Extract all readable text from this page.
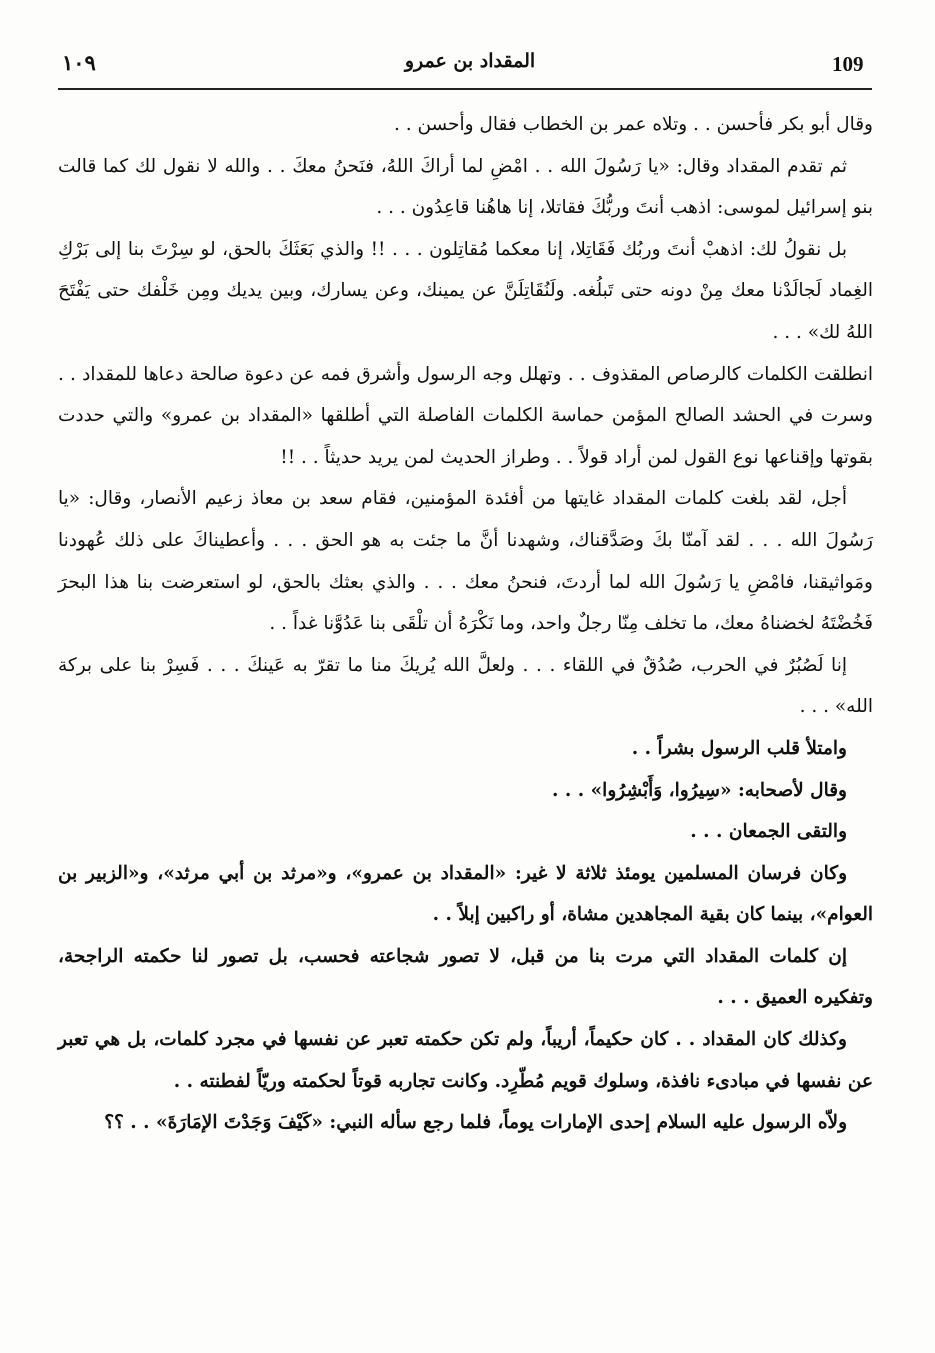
109
المقداد بن عمرو
١٠٩

وقال أبو بكر فأحسن . . وتلاه عمر بن الخطاب فقال وأحسن . .

ثم تقدم المقداد وقال: «يا رَسُولَ الله . . امْضِ لما أراكَ اللهُ، فنَحنُ معكَ . . والله لا نقول لك كما قالت بنو إسرائيل لموسى: اذهب أنتَ وربُّكَ فقاتلا، إنا هاهُنا قاعِدُون . . .

بل نقولُ لك: اذهبْ أنتَ وربُك فَقَاتِلا، إنا معكما مُقاتِلون . . . !! والذي بَعَثَكَ بالحق، لو سِرْتَ بنا إلى بَرْكِ الغِماد لَجالَدْنا معك مِنْ دونه حتى تَبلُغه. ولَنُقَاتِلَنَّ عن يمينك، وعن يسارك، وبين يديك ومِن خَلْفك حتى يَفْتَحَ اللهُ لك» . . .

انطلقت الكلمات كالرصاص المقذوف . . وتهلل وجه الرسول وأشرق فمه عن دعوة صالحة دعاها للمقداد . . وسرت في الحشد الصالح المؤمن حماسة الكلمات الفاصلة التي أطلقها «المقداد بن عمرو» والتي حددت بقوتها وإقناعها نوع القول لمن أراد قولاً . . وطراز الحديث لمن يريد حديثاً . . !!

أجل، لقد بلغت كلمات المقداد غايتها من أفئدة المؤمنين، فقام سعد بن معاذ زعيم الأنصار، وقال: «يا رَسُولَ الله . . . لقد آمنّا بكَ وصَدَّقناك، وشهدنا أنَّ ما جئت به هو الحق . . . وأعطيناكَ على ذلك عُهودنا ومَواثيقنا، فامْضِ يا رَسُولَ الله لما أردتَ، فنحنُ معك . . . والذي بعثك بالحق، لو استعرضت بنا هذا البحرَ فَخُضْتَهُ لخضناهُ معك، ما تخلف مِنّا رجلٌ واحد، وما نَكْرَهُ أن تلْقَى بنا عَدُوَّنا غداً . .

إنا لَصُبُرٌ في الحرب، صُدُقٌ في اللقاء . . . ولعلَّ الله يُريكَ منا ما تقرّ به عَينكَ . . . فَسِرْ بنا على بركة الله» . . .

وامتلأ قلب الرسول بشراً . .

وقال لأصحابه: «سِيرُوا، وَأَبْشِرُوا» . . .

والتقى الجمعان . . .

وكان فرسان المسلمين يومئذ ثلاثة لا غير: «المقداد بن عمرو»، و«مرثد بن أبي مرثد»، و«الزبير بن العوام»، بينما كان بقية المجاهدين مشاة، أو راكبين إبلاً . .

إن كلمات المقداد التي مرت بنا من قبل، لا تصور شجاعته فحسب، بل تصور لنا حكمته الراجحة، وتفكيره العميق . . .

وكذلك كان المقداد . . كان حكيماً، أريباً، ولم تكن حكمته تعبر عن نفسها في مجرد كلمات، بل هي تعبر عن نفسها في مبادىء نافذة، وسلوك قويم مُطّرِد. وكانت تجاربه قوتاً لحكمته وريّاً لفطنته . .

ولاّه الرسول عليه السلام إحدى الإمارات يوماً، فلما رجع سأله النبي: «كَيْفَ وَجَدْتَ الإمَارَةَ» . . ؟؟
